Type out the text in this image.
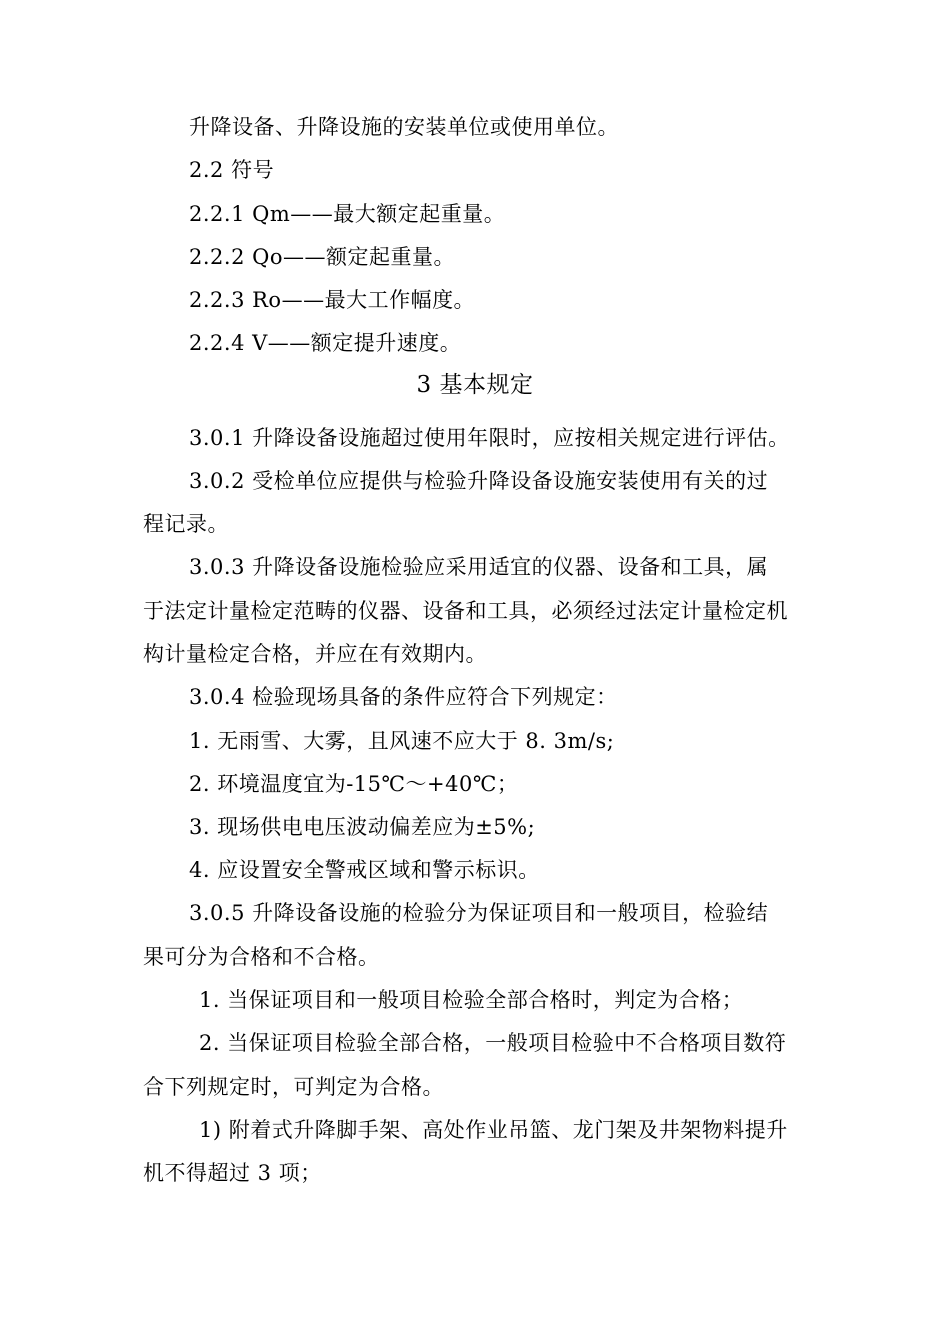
升降设备、升降设施的安装单位或使用单位。
2.2 符号
2.2.1 Qm——最大额定起重量。
2.2.2 Qo——额定起重量。
2.2.3 Ro——最大工作幅度。
2.2.4 V——额定提升速度。
3 基本规定
3.0.1 升降设备设施超过使用年限时，应按相关规定进行评估。
3.0.2 受检单位应提供与检验升降设备设施安装使用有关的过
程记录。
3.0.3 升降设备设施检验应采用适宜的仪器、设备和工具，属
于法定计量检定范畴的仪器、设备和工具，必须经过法定计量检定机
构计量检定合格，并应在有效期内。
3.0.4 检验现场具备的条件应符合下列规定：
1. 无雨雪、大雾，且风速不应大于 8. 3m/s;
2. 环境温度宜为-15℃～+40℃；
3. 现场供电电压波动偏差应为±5%;
4. 应设置安全警戒区域和警示标识。
3.0.5 升降设备设施的检验分为保证项目和一般项目，检验结
果可分为合格和不合格。
1. 当保证项目和一般项目检验全部合格时，判定为合格；
2. 当保证项目检验全部合格，一般项目检验中不合格项目数符
合下列规定时，可判定为合格。
1) 附着式升降脚手架、高处作业吊篮、龙门架及井架物料提升
机不得超过 3 项；
